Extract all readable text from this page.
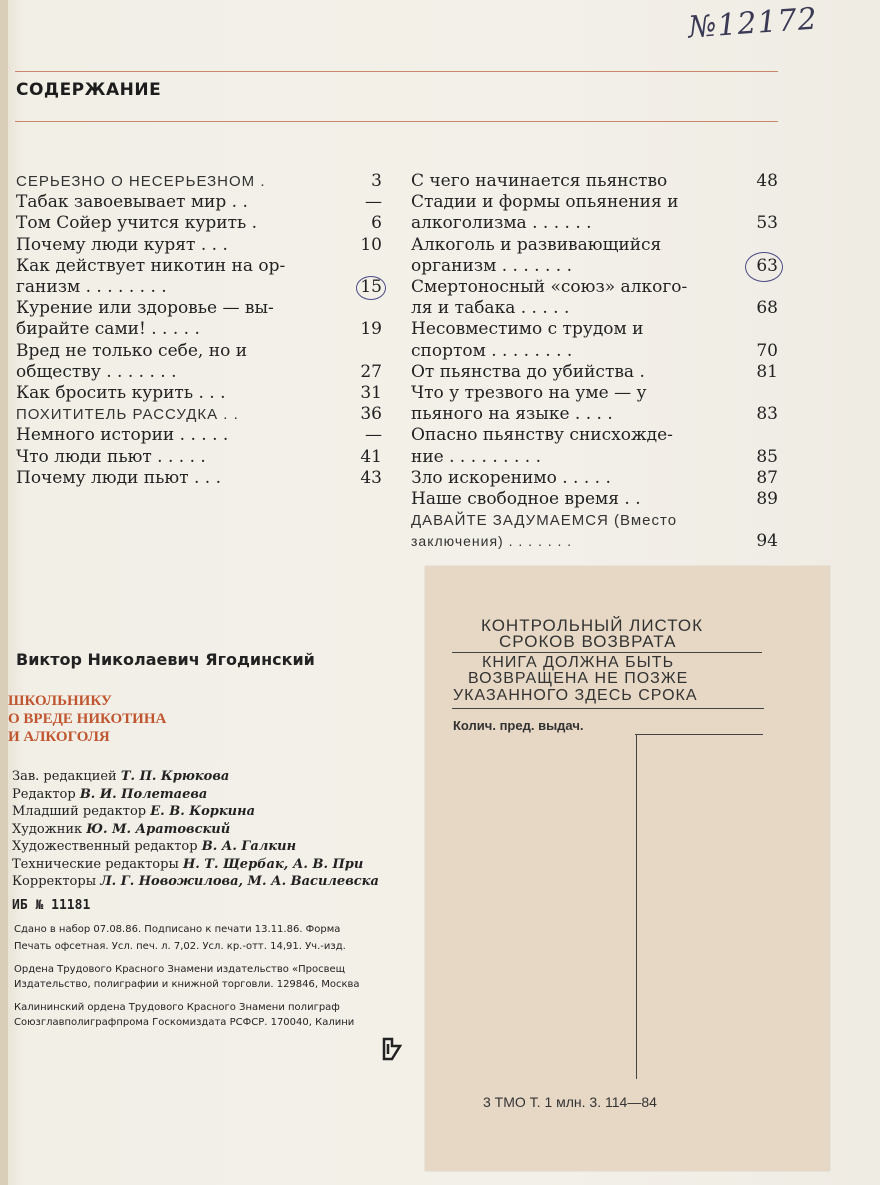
№12172
СОДЕРЖАНИЕ
СЕРЬЕЗНО О НЕСЕРЬЕЗНОМ .	3
Табак завоевывает мир . .	—
Том Сойер учится курить .	6
Почему люди курят . . .	10
Как действует никотин на ор-
ганизм . . . . . . . .	15
Курение или здоровье — вы-
бирайте сами! . . . . .	19
Вред не только себе, но и
обществу . . . . . . .	27
Как бросить курить . . .	31
ПОХИТИТЕЛЬ РАССУДКА . .	36
Немного истории . . . . .	—
Что люди пьют . . . . .	41
Почему люди пьют . . .	43
С чего начинается пьянство	48
Стадии и формы опьянения и
алкоголизма . . . . . .	53
Алкоголь и развивающийся
организм . . . . . . .	63
Смертоносный «союз» алкого-
ля и табака . . . . .	68
Несовместимо с трудом и
спортом . . . . . . . .	70
От пьянства до убийства .	81
Что у трезвого на уме — у
пьяного на языке . . . .	83
Опасно пьянству снисхожде-
ние . . . . . . . . .	85
Зло искоренимо . . . . .	87
Наше свободное время . .	89
ДАВАЙТЕ ЗАДУМАЕМСЯ (Вместо
заключения) . . . . . . .	94
Виктор Николаевич Ягодинский
ШКОЛЬНИКУ
О ВРЕДЕ НИКОТИНА
И АЛКОГОЛЯ
Зав. редакцией Т. П. Крюкова
Редактор В. И. Полетаева
Младший редактор Е. В. Коркина
Художник Ю. М. Аратовский
Художественный редактор В. А. Галкин
Технические редакторы Н. Т. Щербак, А. В. При
Корректоры Л. Г. Новожилова, М. А. Василевска
ИБ № 11181
Сдано в набор 07.08.86. Подписано к печати 13.11.86. Форма
Печать офсетная. Усл. печ. л. 7,02. Усл. кр.-отт. 14,91. Уч.-изд.
Ордена Трудового Красного Знамени издательство «Просвещ
Издательство, полиграфии и книжной торговли. 129846, Москва
Калининский ордена Трудового Красного Знамени полиграф
Союзглавполиграфпрома Госкомиздата РСФСР. 170040, Калини
КОНТРОЛЬНЫЙ ЛИСТОК
СРОКОВ ВОЗВРАТА
КНИГА ДОЛЖНА БЫТЬ
ВОЗВРАЩЕНА НЕ ПОЗЖЕ
УКАЗАННОГО ЗДЕСЬ СРОКА
Колич. пред. выдач.
3 ТМО Т. 1 млн. 3. 114—84
